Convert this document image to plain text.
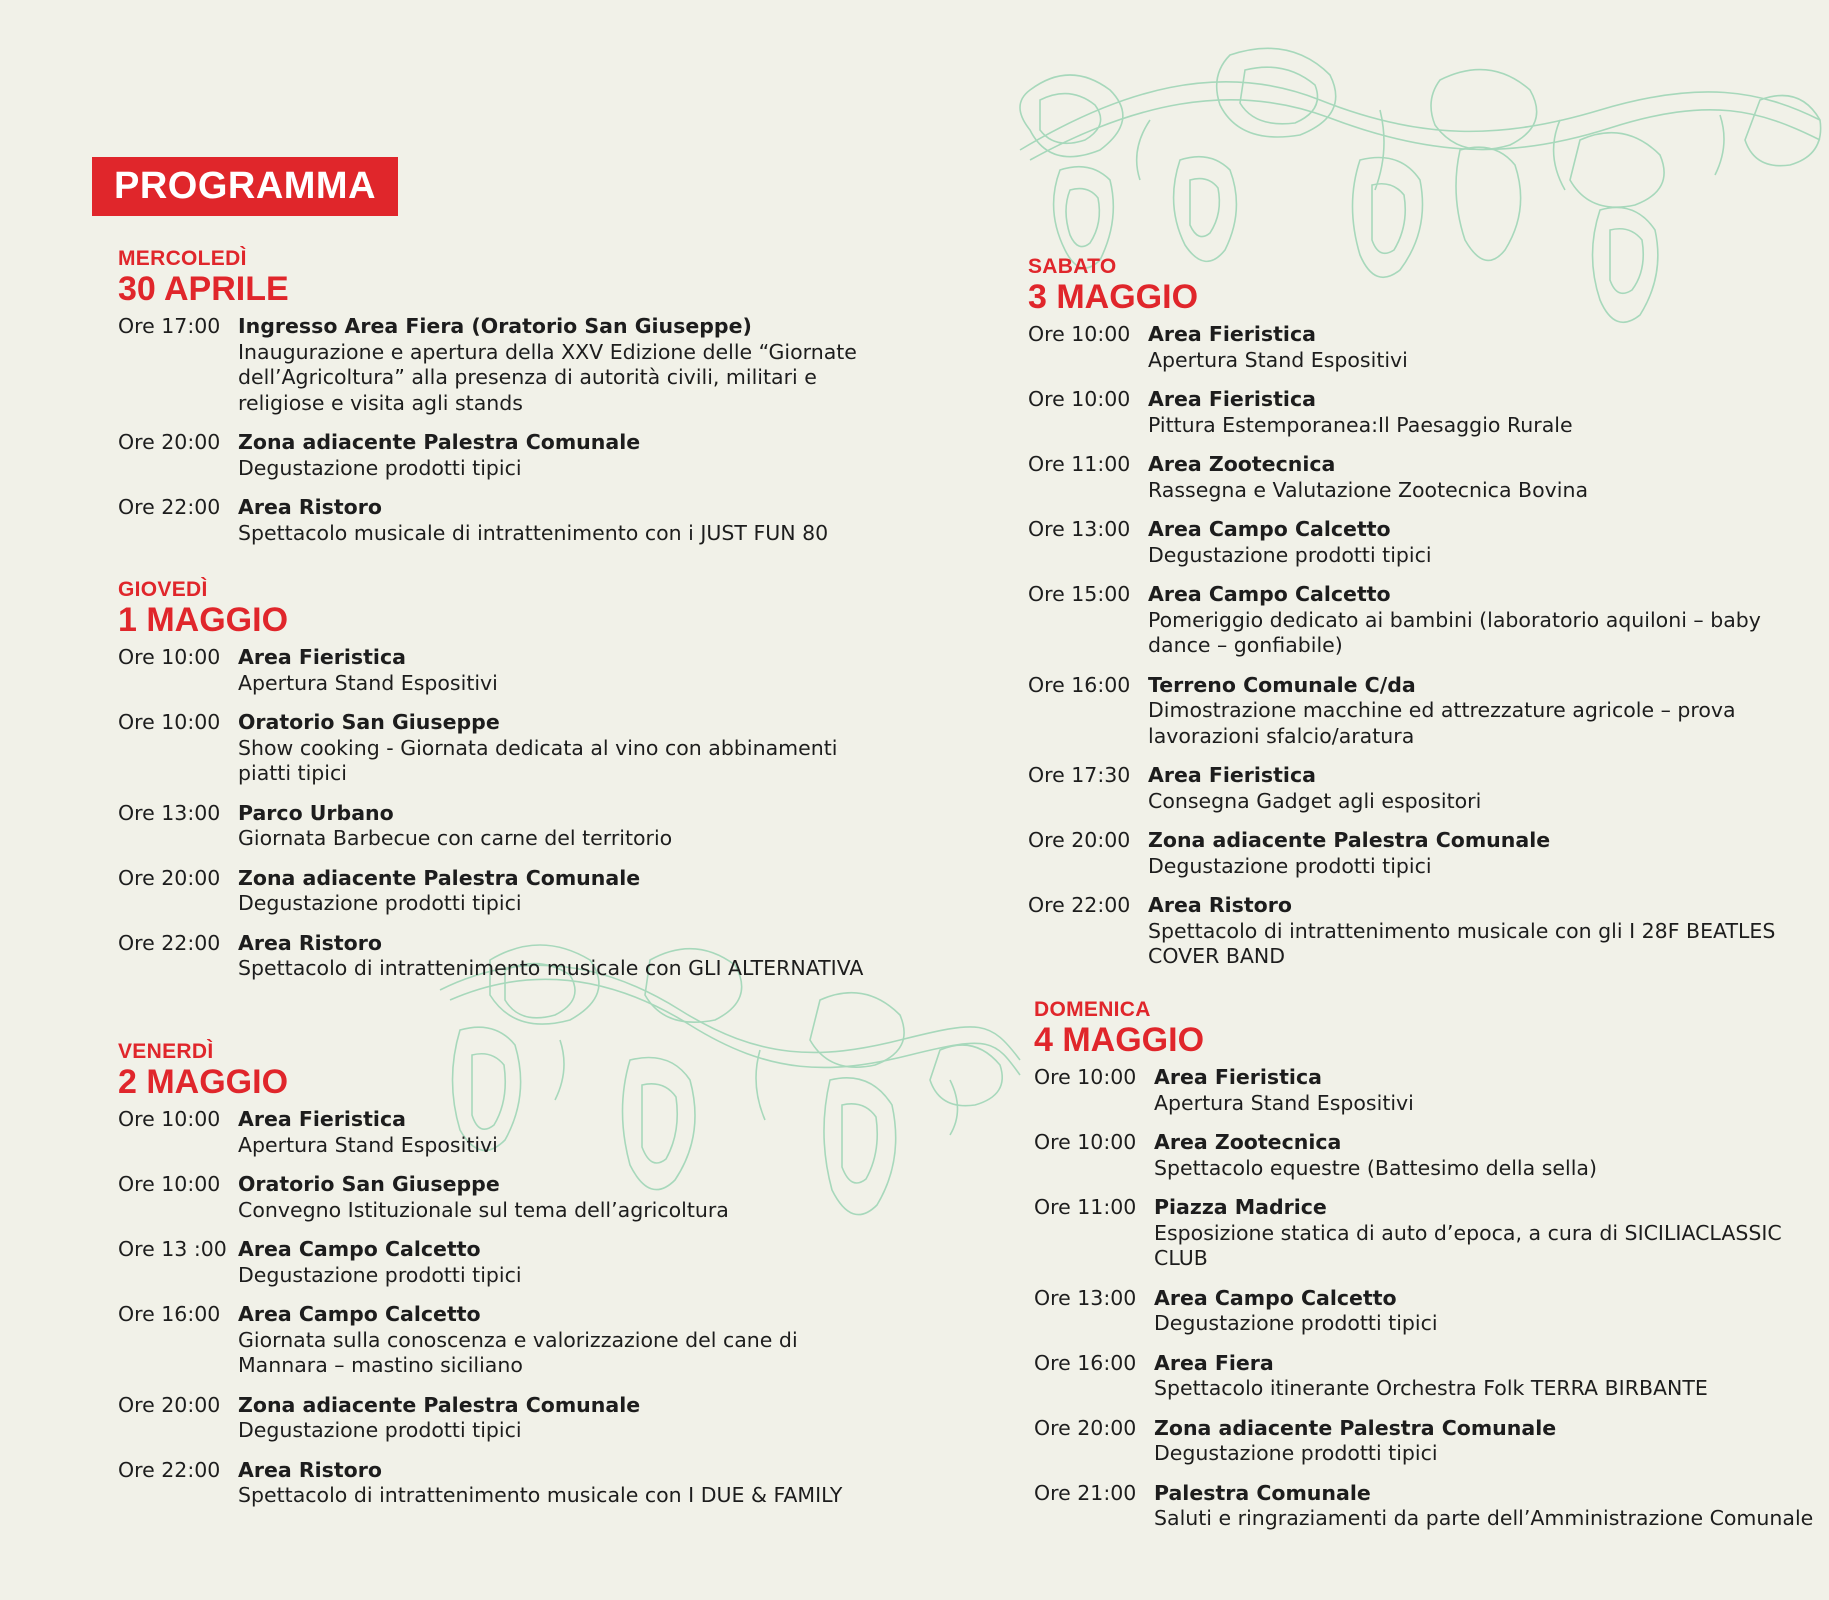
PROGRAMMA
MERCOLEDÌ
30 APRILE
Ore 17:00 Ingresso Area Fiera (Oratorio San Giuseppe)
Inaugurazione e apertura della XXV Edizione delle “Giornate dell’Agricoltura” alla presenza di autorità civili, militari e religiose e visita agli stands
Ore 20:00 Zona adiacente Palestra Comunale
Degustazione prodotti tipici
Ore 22:00 Area Ristoro
Spettacolo musicale di intrattenimento con i JUST FUN 80
GIOVEDÌ
1 MAGGIO
Ore 10:00 Area Fieristica
Apertura Stand Espositivi
Ore 10:00 Oratorio San Giuseppe
Show cooking - Giornata dedicata al vino con abbinamenti piatti tipici
Ore 13:00 Parco Urbano
Giornata Barbecue con carne del territorio
Ore 20:00 Zona adiacente Palestra Comunale
Degustazione prodotti tipici
Ore 22:00 Area Ristoro
Spettacolo di intrattenimento musicale con GLI ALTERNATIVA
VENERDÌ
2 MAGGIO
Ore 10:00 Area Fieristica
Apertura Stand Espositivi
Ore 10:00 Oratorio San Giuseppe
Convegno Istituzionale sul tema dell’agricoltura
Ore 13 :00 Area Campo Calcetto
Degustazione prodotti tipici
Ore 16:00 Area Campo Calcetto
Giornata sulla conoscenza e valorizzazione del cane di Mannara – mastino siciliano
Ore 20:00 Zona adiacente Palestra Comunale
Degustazione prodotti tipici
Ore 22:00 Area Ristoro
Spettacolo di intrattenimento musicale con I DUE & FAMILY
SABATO
3 MAGGIO
Ore 10:00 Area Fieristica
Apertura Stand Espositivi
Ore 10:00 Area Fieristica
Pittura Estemporanea:Il Paesaggio Rurale
Ore 11:00 Area Zootecnica
Rassegna e Valutazione Zootecnica Bovina
Ore 13:00 Area Campo Calcetto
Degustazione prodotti tipici
Ore 15:00 Area Campo Calcetto
Pomeriggio dedicato ai bambini (laboratorio aquiloni – baby dance – gonfiabile)
Ore 16:00 Terreno Comunale C/da
Dimostrazione macchine ed attrezzature agricole – prova lavorazioni sfalcio/aratura
Ore 17:30 Area Fieristica
Consegna Gadget agli espositori
Ore 20:00 Zona adiacente Palestra Comunale
Degustazione prodotti tipici
Ore 22:00 Area Ristoro
Spettacolo di intrattenimento musicale con gli I 28F BEATLES COVER BAND
DOMENICA
4 MAGGIO
Ore 10:00 Area Fieristica
Apertura Stand Espositivi
Ore 10:00 Area Zootecnica
Spettacolo equestre (Battesimo della sella)
Ore 11:00 Piazza Madrice
Esposizione statica di auto d’epoca, a cura di SICILIACLASSIC CLUB
Ore 13:00 Area Campo Calcetto
Degustazione prodotti tipici
Ore 16:00 Area Fiera
Spettacolo itinerante Orchestra Folk TERRA BIRBANTE
Ore 20:00 Zona adiacente Palestra Comunale
Degustazione prodotti tipici
Ore 21:00 Palestra Comunale
Saluti e ringraziamenti da parte dell’Amministrazione Comunale
